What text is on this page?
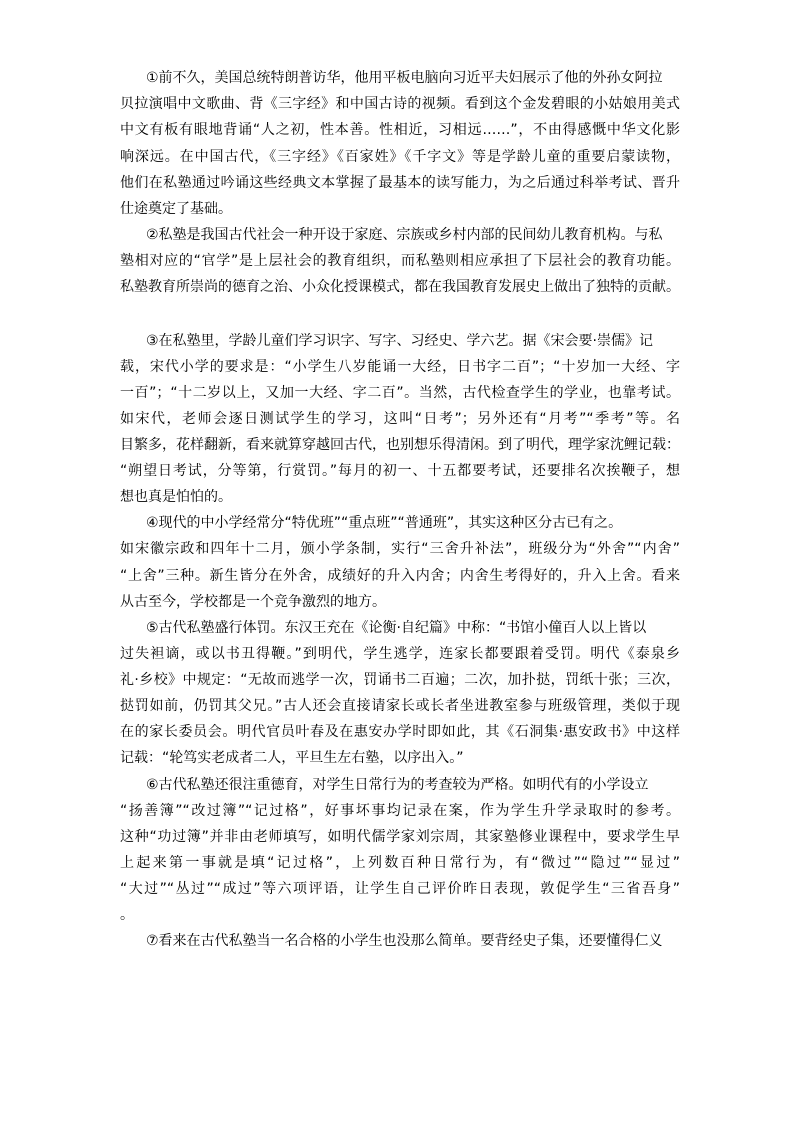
①前不久，美国总统特朗普访华，他用平板电脑向习近平夫妇展示了他的外孙女阿拉
贝拉演唱中文歌曲、背《三字经》和中国古诗的视频。看到这个金发碧眼的小姑娘用美式
中文有板有眼地背诵“人之初，性本善。性相近，习相远……”，不由得感慨中华文化影
响深远。在中国古代，《三字经》《百家姓》《千字文》等是学龄儿童的重要启蒙读物，
他们在私塾通过吟诵这些经典文本掌握了最基本的读写能力，为之后通过科举考试、晋升
仕途奠定了基础。
②私塾是我国古代社会一种开设于家庭、宗族或乡村内部的民间幼儿教育机构。与私
塾相对应的“官学”是上层社会的教育组织，而私塾则相应承担了下层社会的教育功能。
私塾教育所崇尚的德育之治、小众化授课模式，都在我国教育发展史上做出了独特的贡献。
③在私塾里，学龄儿童们学习识字、写字、习经史、学六艺。据《宋会要·崇儒》记
载，宋代小学的要求是：“小学生八岁能诵一大经，日书字二百”；“十岁加一大经、字
一百”；“十二岁以上，又加一大经、字二百”。当然，古代检查学生的学业，也靠考试。
如宋代，老师会逐日测试学生的学习，这叫“日考”；另外还有“月考”“季考”等。名
目繁多，花样翻新，看来就算穿越回古代，也别想乐得清闲。到了明代，理学家沈鲤记载：
“朔望日考试，分等第，行赏罚。”每月的初一、十五都要考试，还要排名次挨鞭子，想
想也真是怕怕的。
④现代的中小学经常分“特优班”“重点班”“普通班”，其实这种区分古已有之。
如宋徽宗政和四年十二月，颁小学条制，实行“三舍升补法”，班级分为“外舍”“内舍”
“上舍”三种。新生皆分在外舍，成绩好的升入内舍；内舍生考得好的，升入上舍。看来
从古至今，学校都是一个竞争激烈的地方。
⑤古代私塾盛行体罚。东汉王充在《论衡·自纪篇》中称：“书馆小僮百人以上皆以
过失袒谪，或以书丑得鞭。”到明代，学生逃学，连家长都要跟着受罚。明代《泰泉乡
礼·乡校》中规定：“无故而逃学一次，罚诵书二百遍；二次，加扑挞，罚纸十张；三次，
挞罚如前，仍罚其父兄。”古人还会直接请家长或长者坐进教室参与班级管理，类似于现
在的家长委员会。明代官员叶春及在惠安办学时即如此，其《石洞集·惠安政书》中这样
记载：“轮笃实老成者二人，平旦生左右塾，以序出入。”
⑥古代私塾还很注重德育，对学生日常行为的考查较为严格。如明代有的小学设立
“扬善簿”“改过簿”“记过格”，好事坏事均记录在案，作为学生升学录取时的参考。
这种“功过簿”并非由老师填写，如明代儒学家刘宗周，其家塾修业课程中，要求学生早
上起来第一事就是填“记过格”，上列数百种日常行为，有“微过”“隐过”“显过”
“大过”“丛过”“成过”等六项评语，让学生自己评价昨日表现，敦促学生“三省吾身”
。
⑦看来在古代私塾当一名合格的小学生也没那么简单。要背经史子集，还要懂得仁义
